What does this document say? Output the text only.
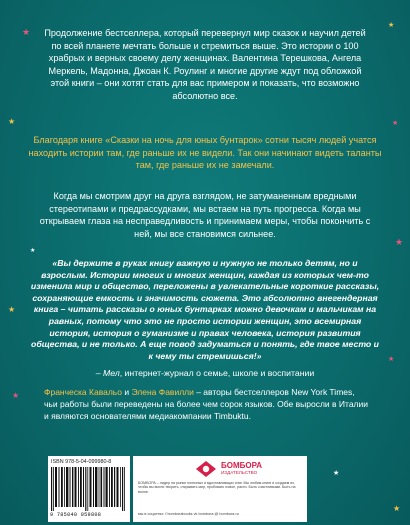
★
★
★	★
★
★
★
★
★
★
★

Продолжение бестселлера, который перевернул мир сказок и научил детей по всей планете мечтать больше и стремиться выше. Это истории о 100 храбрых и верных своему делу женщинах. Валентина Терешкова, Ангела Меркель, Мадонна, Джоан К. Роулинг и многие другие ждут под обложкой этой книги – они хотят стать для вас примером и показать, что возможно абсолютно все.

Благодаря книге «Сказки на ночь для юных бунтарок» сотни тысяч людей учатся находить истории там, где раньше их не видели. Так они начинают видеть таланты там, где раньше их не замечали.

Когда мы смотрим друг на друга взглядом, не затуманенным вредными стереотипами и предрассудками, мы встаем на путь прогресса. Когда мы открываем глаза на несправедливость и принимаем меры, чтобы покончить с ней, мы все становимся сильнее.

«Вы держите в руках книгу важную и нужную не только детям, но и взрослым. Истории многих и многих женщин, каждая из которых чем-то изменила мир и общество, переложены в увлекательные короткие рассказы, сохраняющие емкость и значимость сюжета. Это абсолютно внегендерная книга – читать рассказы о юных бунтарках можно девочкам и мальчикам на равных, потому что это не просто истории женщин, это всемирная история, история о гуманизме и правах человека, история развития общества, и не только. А еще повод задуматься и понять, где твое место и к чему ты стремишься!»
– Мел, интернет-журнал о семье, школе и воспитании

Франческа Кавальо и Элена Фавилли – авторы бестселлеров New York Times, чьи работы были переведены на более чем сорок языков. Обе выросли в Италии и являются основателями медиакомпании Timbuktu.

ISBN 978-5-04-099980-8
9 785040 959808
БОМБОРА
ИЗДАТЕЛЬСТВО
БОМБОРА – лидер на рынке полезных и вдохновляющих книг. Мы любим книги и создаем их, чтобы вы могли творить, открывать мир, пробовать новое, расти. Быть счастливыми. Быть на волне.
мы в соцсетях: f bomborabooks vk bombora @ bombora.ru
